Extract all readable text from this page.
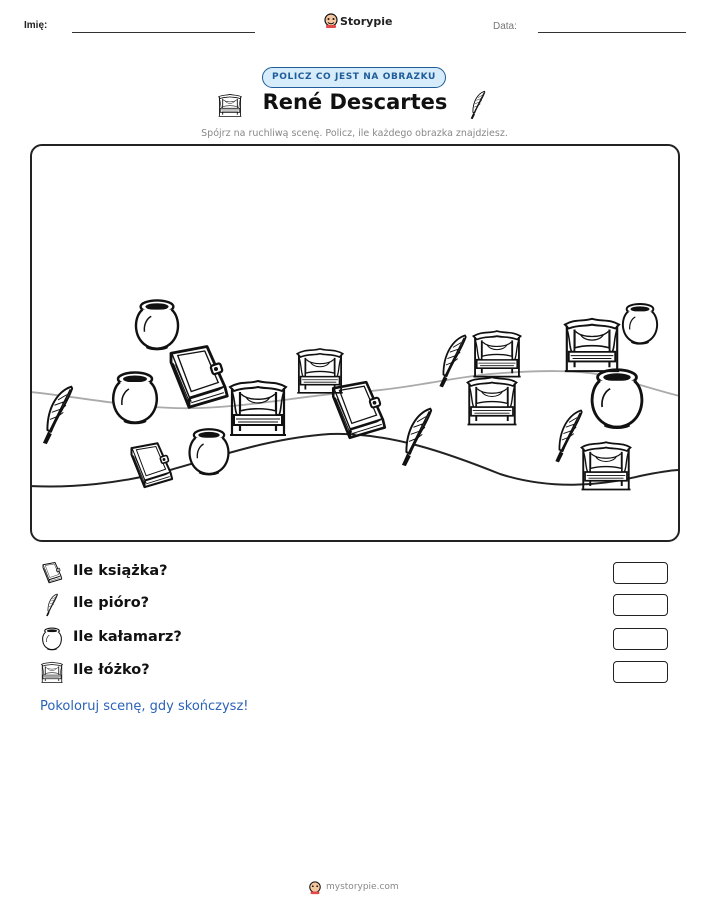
Imię:	Storypie	Data:
POLICZ CO JEST NA OBRAZKU
René Descartes
Spójrz na ruchliwą scenę. Policz, ile każdego obrazka znajdziesz.
Ile książka?
Ile pióro?
Ile kałamarz?
Ile łóżko?
Pokoloruj scenę, gdy skończysz!
mystorypie.com
